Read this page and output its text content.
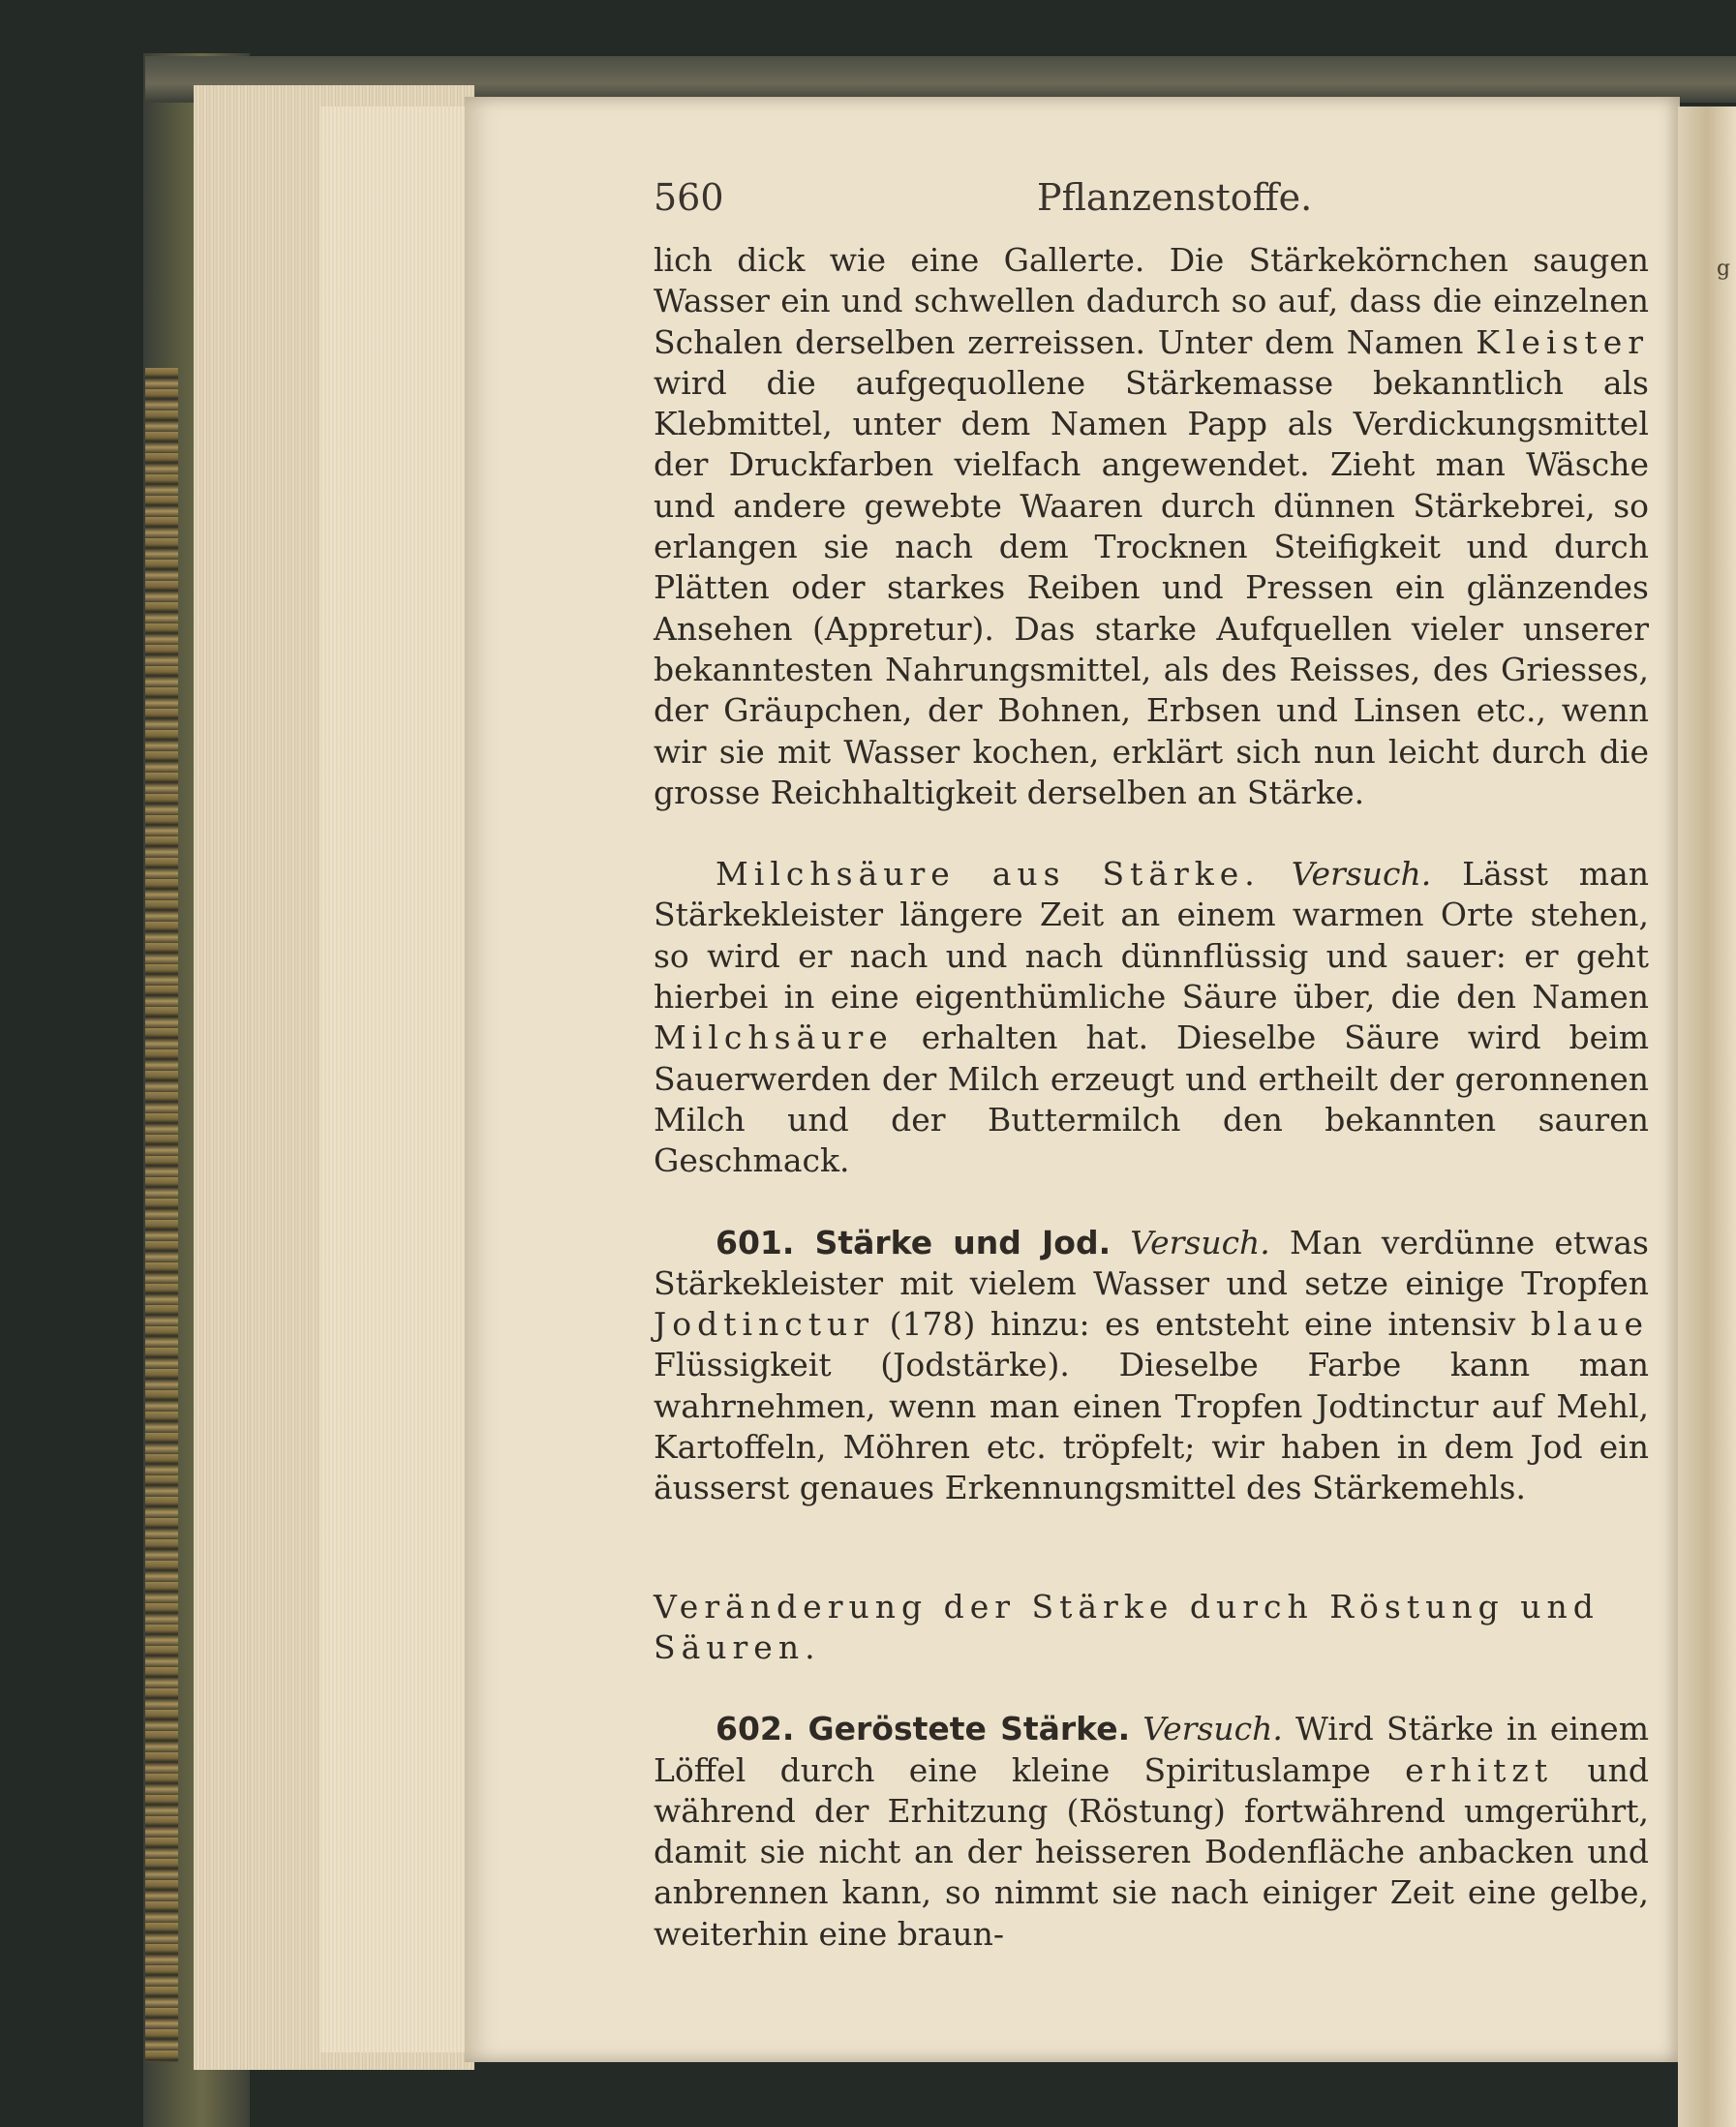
g
560	Pflanzenstoffe.

lich dick wie eine Gallerte. Die Stärkekörnchen saugen Wasser ein und schwellen dadurch so auf, dass die einzelnen Schalen derselben zerreissen. Unter dem Namen Kleister wird die aufgequollene Stärkemasse bekanntlich als Klebmittel, unter dem Namen Papp als Verdickungsmittel der Druckfarben vielfach angewendet. Zieht man Wäsche und andere gewebte Waaren durch dünnen Stärkebrei, so erlangen sie nach dem Trocknen Steifigkeit und durch Plätten oder starkes Reiben und Pressen ein glänzendes Ansehen (Appretur). Das starke Aufquellen vieler unserer bekanntesten Nahrungsmittel, als des Reisses, des Griesses, der Gräupchen, der Bohnen, Erbsen und Linsen etc., wenn wir sie mit Wasser kochen, erklärt sich nun leicht durch die grosse Reichhaltigkeit derselben an Stärke.

Milchsäure aus Stärke. Versuch. Lässt man Stärkekleister längere Zeit an einem warmen Orte stehen, so wird er nach und nach dünnflüssig und sauer: er geht hierbei in eine eigenthümliche Säure über, die den Namen Milchsäure erhalten hat. Dieselbe Säure wird beim Sauerwerden der Milch erzeugt und ertheilt der geronnenen Milch und der Buttermilch den bekannten sauren Geschmack.

601. Stärke und Jod. Versuch. Man verdünne etwas Stärkekleister mit vielem Wasser und setze einige Tropfen Jodtinctur (178) hinzu: es entsteht eine intensiv blaue Flüssigkeit (Jodstärke). Dieselbe Farbe kann man wahrnehmen, wenn man einen Tropfen Jodtinctur auf Mehl, Kartoffeln, Möhren etc. tröpfelt; wir haben in dem Jod ein äusserst genaues Erkennungsmittel des Stärkemehls.

Veränderung der Stärke durch Röstung und Säuren.

602. Geröstete Stärke. Versuch. Wird Stärke in einem Löffel durch eine kleine Spirituslampe erhitzt und während der Erhitzung (Röstung) fortwährend umgerührt, damit sie nicht an der heisseren Bodenfläche anbacken und anbrennen kann, so nimmt sie nach einiger Zeit eine gelbe, weiterhin eine braun-
